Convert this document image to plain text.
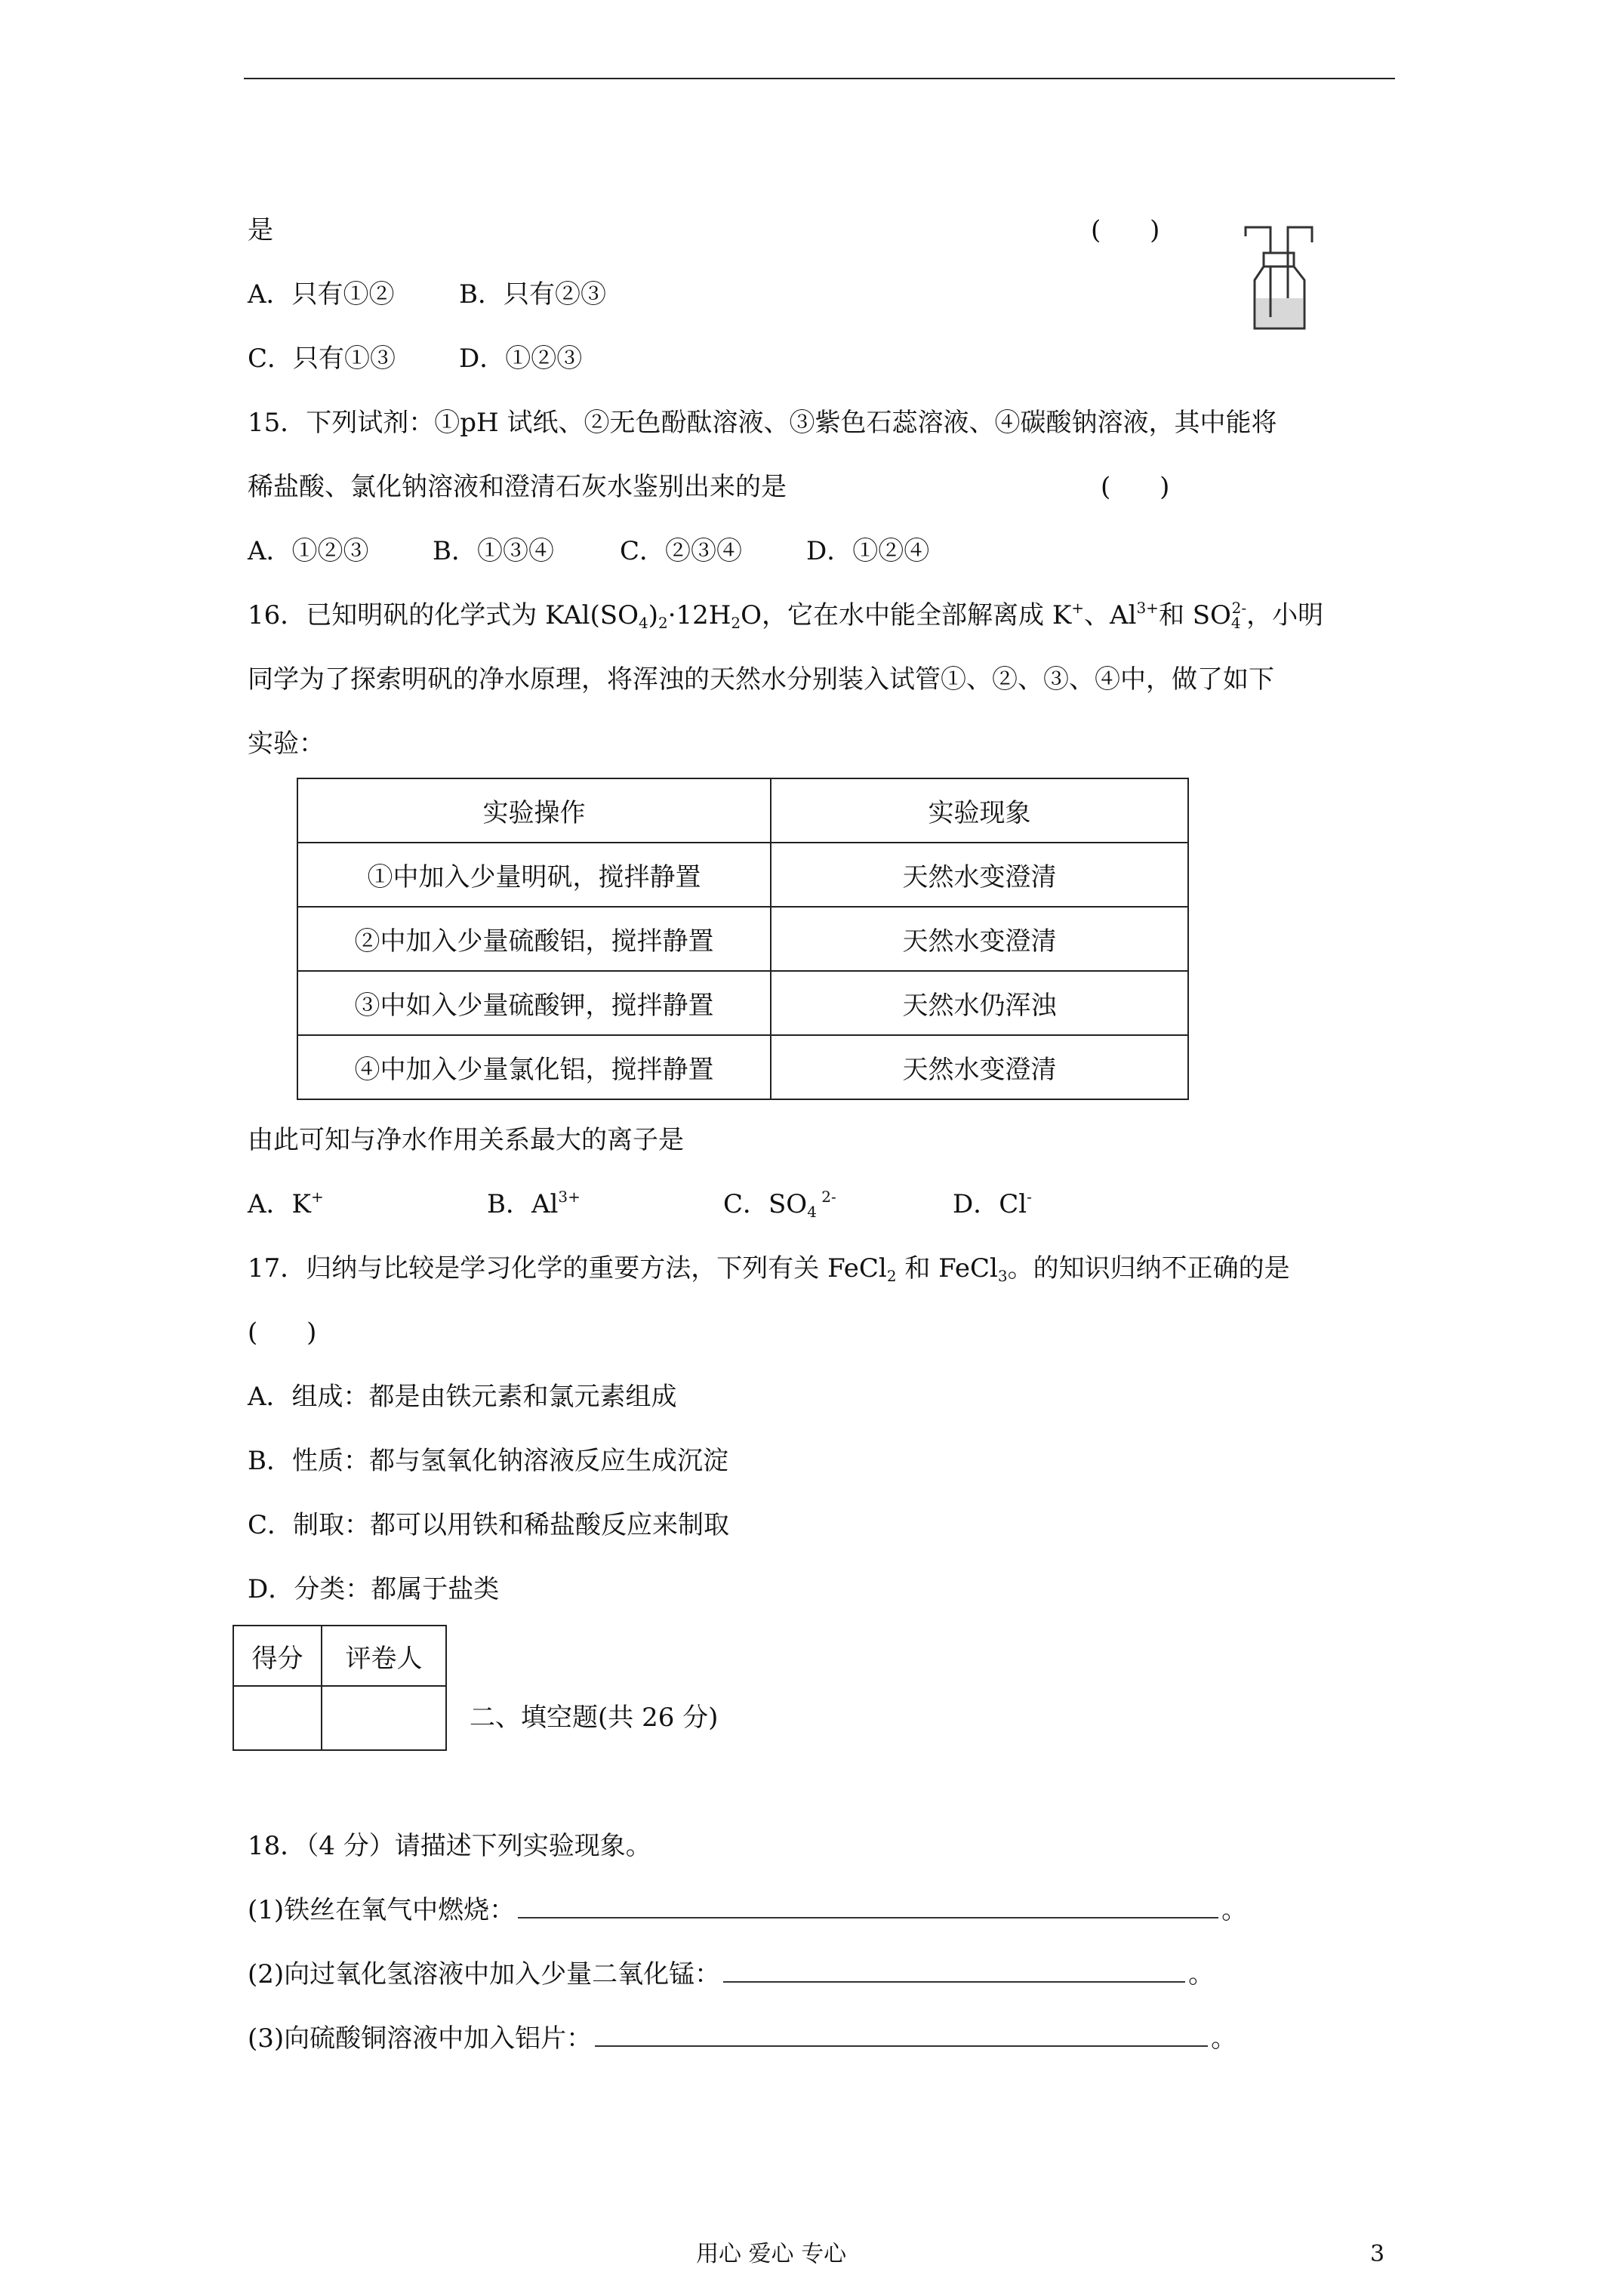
是	(      )
A．只有①②	B．只有②③
C．只有①③ D．①②③
15．下列试剂：①pH 试纸、②无色酚酞溶液、③紫色石蕊溶液、④碳酸钠溶液，其中能将
稀盐酸、氯化钠溶液和澄清石灰水鉴别出来的是	(      )
A．①②③ B．①③④	C．②③④ D．①②④
16．已知明矾的化学式为 $KAl(SO_4)_2\cdot 12H_2O$，它在水中能全部解离成 K+、$Al^{3+}$和 $SO_4^{2-}$，小明
同学为了探索明矾的净水原理，将浑浊的天然水分别装入试管①、②、③、④中，做了如下
实验：
实验操作	实验现象
①中加入少量明矾，搅拌静置	天然水变澄清
②中加入少量硫酸铝，搅拌静置	天然水变澄清
③中如入少量硫酸钾，搅拌静置	天然水仍浑浊
④中加入少量氯化铝，搅拌静置	天然水变澄清
由此可知与净水作用关系最大的离子是
A．K+	B．$Al^{3+}$	C．$SO_4$ $^{2-}$	D．Cl-
17．归纳与比较是学习化学的重要方法，下列有关 FeCl$_2$ 和 FeCl$_3$。的知识归纳不正确的是
(      )
A．组成：都是由铁元素和氯元素组成
B．性质：都与氢氧化钠溶液反应生成沉淀
C．制取：都可以用铁和稀盐酸反应来制取
D．分类：都属于盐类
得分	评卷人

二、填空题(共 26 分)
18．（4 分）请描述下列实验现象。
(1)铁丝在氧气中燃烧：	。
(2)向过氧化氢溶液中加入少量二氧化锰：	。
(3)向硫酸铜溶液中加入铝片：	。
用心 爱心 专心	3
